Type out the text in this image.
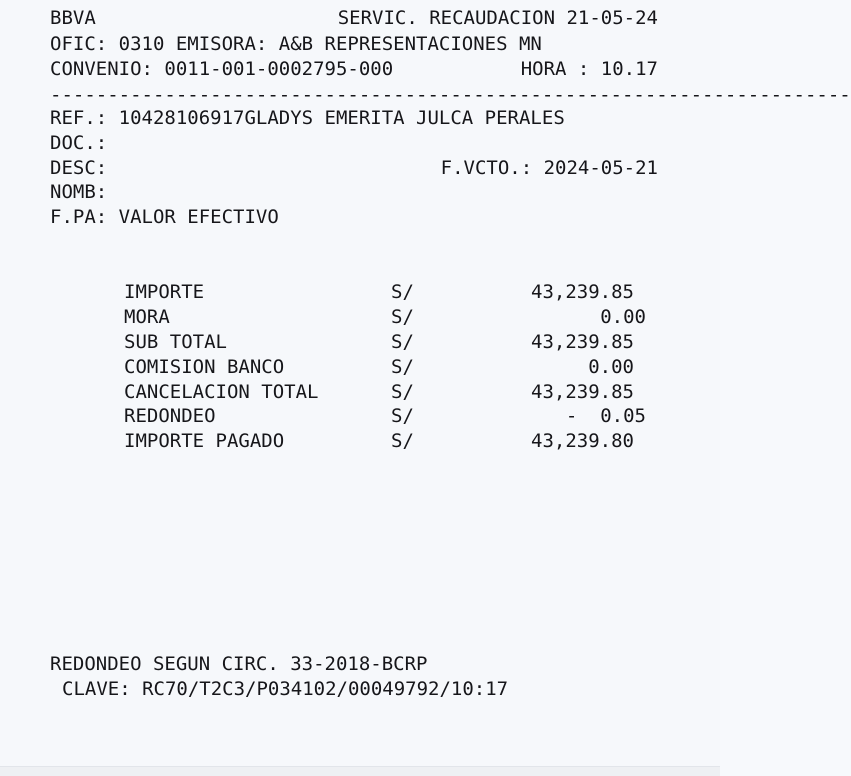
BBVA	SERVIC. RECAUDACION 21-05-24
OFIC: 0310 EMISORA: A&B REPRESENTACIONES MN
CONVENIO: 0011-001-0002795-000	HORA : 10.17
----------------------------------------------------------------------
REF.: 10428106917GLADYS EMERITA JULCA PERALES
DOC.:
DESC:	F.VCTO.: 2024-05-21
NOMB:
F.PA: VALOR EFECTIVO
IMPORTE	S/	43,239.85
MORA	S/	0.00
SUB TOTAL	S/	43,239.85
COMISION BANCO	S/	0.00
CANCELACION TOTAL	S/	43,239.85
REDONDEO	S/	-  0.05
IMPORTE PAGADO	S/	43,239.80
REDONDEO SEGUN CIRC. 33-2018-BCRP
CLAVE: RC70/T2C3/P034102/00049792/10:17
